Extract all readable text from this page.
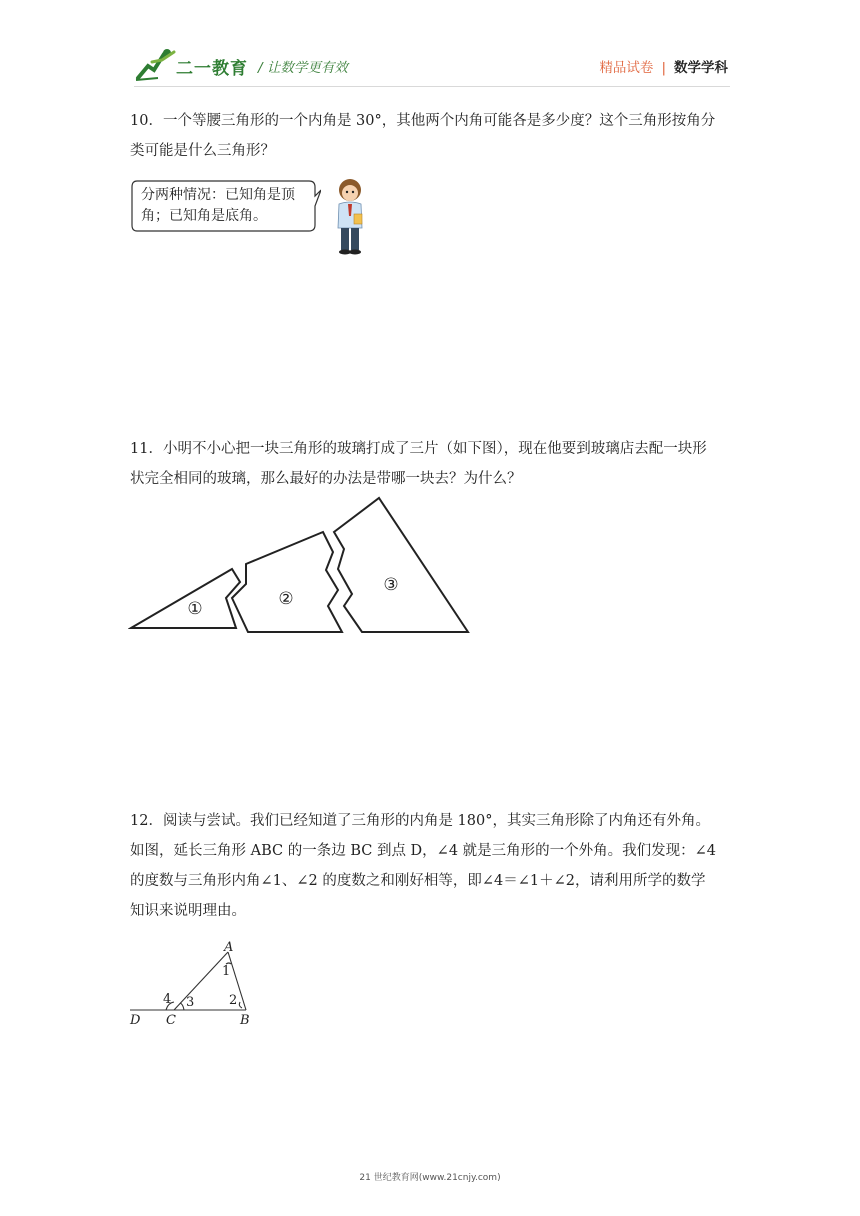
二一教育 / 让数学更有效	精品试卷 | 数学学科
10．一个等腰三角形的一个内角是 30°，其他两个内角可能各是多少度？这个三角形按角分
类可能是什么三角形？
分两种情况：已知角是顶
角；已知角是底角。
11．小明不小心把一块三角形的玻璃打成了三片（如下图），现在他要到玻璃店去配一块形
状完全相同的玻璃，那么最好的办法是带哪一块去？为什么？
①	②
③
12．阅读与尝试。我们已经知道了三角形的内角是 180°，其实三角形除了内角还有外角。
如图，延长三角形 ABC 的一条边 BC 到点 D，∠4 就是三角形的一个外角。我们发现：∠4
的度数与三角形内角∠1、∠2 的度数之和刚好相等，即∠4＝∠1＋∠2，请利用所学的数学
知识来说明理由。
A
B
C
D
1
2
3
4
21 世纪教育网(www.21cnjy.com)
